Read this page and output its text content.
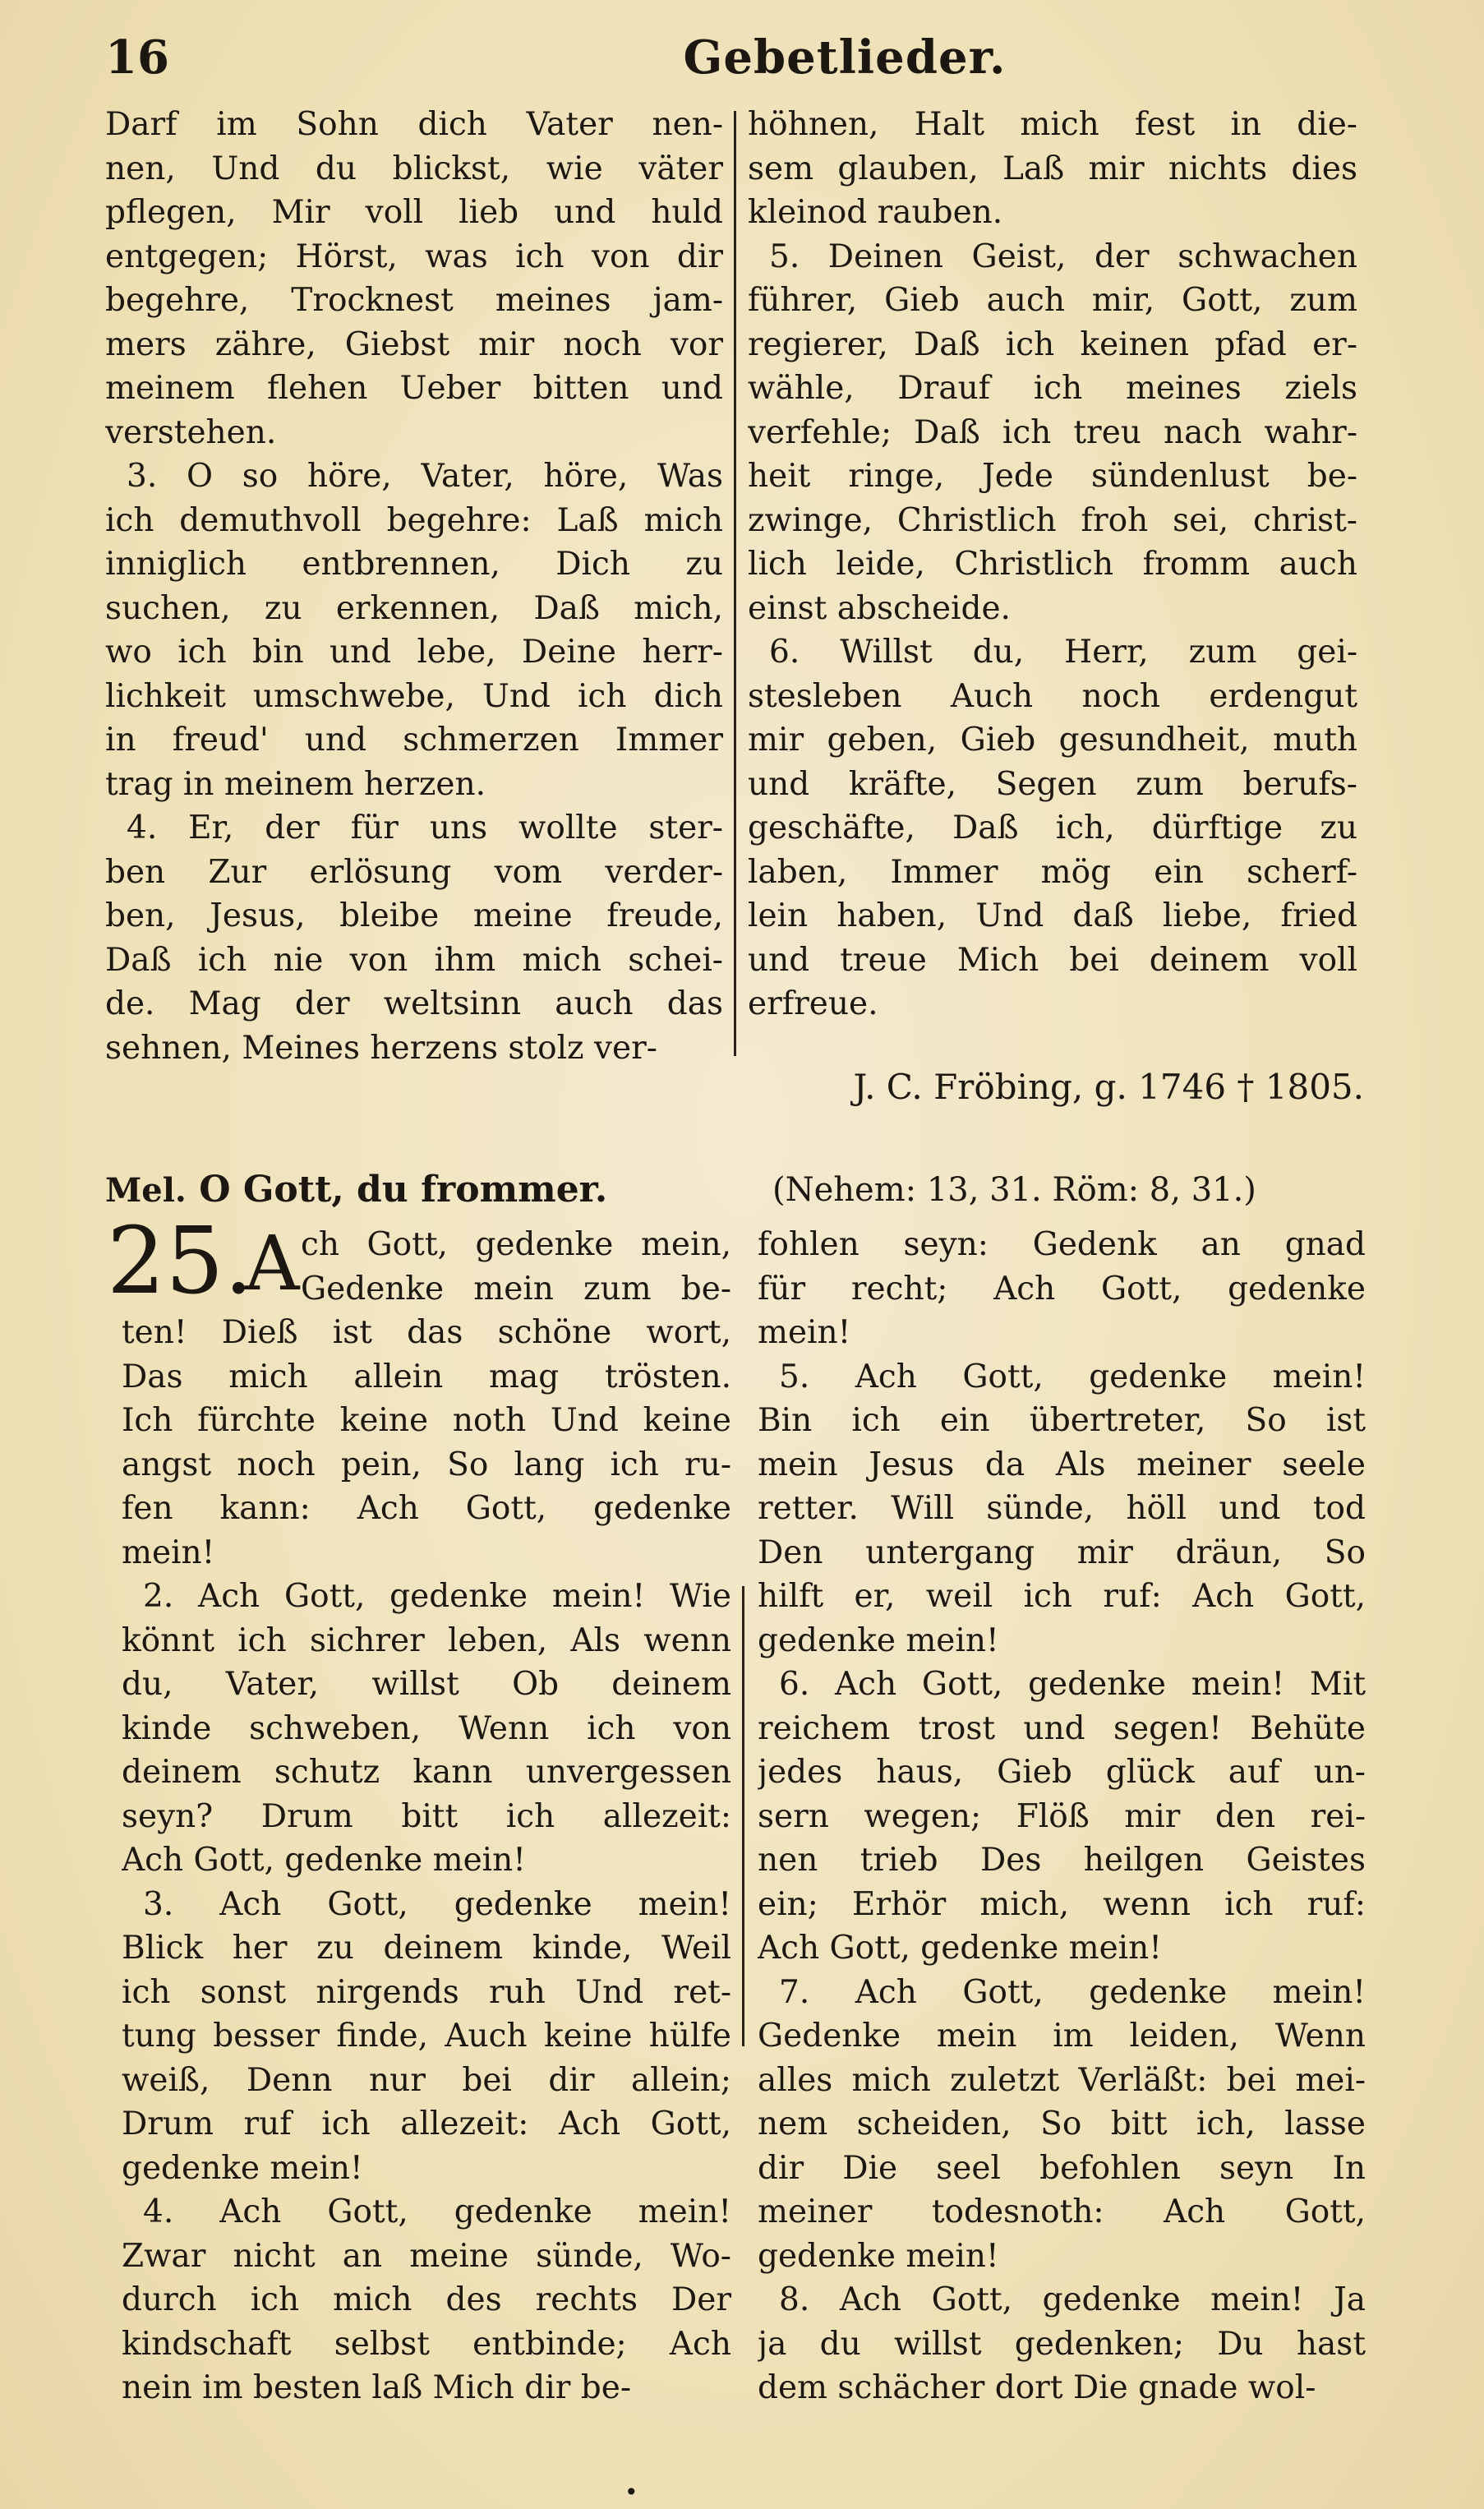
16	Gebetlieder.
Darf im Sohn dich Vater nen-
nen, Und du blickst, wie väter
pflegen, Mir voll lieb und huld
entgegen; Hörst, was ich von dir
begehre, Trocknest meines jam-
mers zähre, Giebst mir noch vor
meinem flehen Ueber bitten und
verstehen.
3. O so höre, Vater, höre, Was
ich demuthvoll begehre: Laß mich
inniglich entbrennen, Dich zu
suchen, zu erkennen, Daß mich,
wo ich bin und lebe, Deine herr-
lichkeit umschwebe, Und ich dich
in freud' und schmerzen Immer
trag in meinem herzen.
4. Er, der für uns wollte ster-
ben Zur erlösung vom verder-
ben, Jesus, bleibe meine freude,
Daß ich nie von ihm mich schei-
de. Mag der weltsinn auch das
sehnen, Meines herzens stolz ver-
höhnen, Halt mich fest in die-
sem glauben, Laß mir nichts dies
kleinod rauben.
5. Deinen Geist, der schwachen
führer, Gieb auch mir, Gott, zum
regierer, Daß ich keinen pfad er-
wähle, Drauf ich meines ziels
verfehle; Daß ich treu nach wahr-
heit ringe, Jede sündenlust be-
zwinge, Christlich froh sei, christ-
lich leide, Christlich fromm auch
einst abscheide.
6. Willst du, Herr, zum gei-
stesleben Auch noch erdengut
mir geben, Gieb gesundheit, muth
und kräfte, Segen zum berufs-
geschäfte, Daß ich, dürftige zu
laben, Immer mög ein scherf-
lein haben, Und daß liebe, fried
und treue Mich bei deinem voll
erfreue.
J. C. Fröbing, g. 1746 † 1805.
Mel. O Gott, du frommer.	(Nehem: 13, 31. Röm: 8, 31.)
25.
A ch Gott, gedenke mein,
Gedenke mein zum be-
ten! Dieß ist das schöne wort,
Das mich allein mag trösten.
Ich fürchte keine noth Und keine
angst noch pein, So lang ich ru-
fen kann: Ach Gott, gedenke
mein!
2. Ach Gott, gedenke mein! Wie
könnt ich sichrer leben, Als wenn
du, Vater, willst Ob deinem
kinde schweben, Wenn ich von
deinem schutz kann unvergessen
seyn? Drum bitt ich allezeit:
Ach Gott, gedenke mein!
3. Ach Gott, gedenke mein!
Blick her zu deinem kinde, Weil
ich sonst nirgends ruh Und ret-
tung besser finde, Auch keine hülfe
weiß, Denn nur bei dir allein;
Drum ruf ich allezeit: Ach Gott,
gedenke mein!
4. Ach Gott, gedenke mein!
Zwar nicht an meine sünde, Wo-
durch ich mich des rechts Der
kindschaft selbst entbinde; Ach
nein im besten laß Mich dir be-
fohlen seyn: Gedenk an gnad
für recht; Ach Gott, gedenke
mein!
5. Ach Gott, gedenke mein!
Bin ich ein übertreter, So ist
mein Jesus da Als meiner seele
retter. Will sünde, höll und tod
Den untergang mir dräun, So
hilft er, weil ich ruf: Ach Gott,
gedenke mein!
6. Ach Gott, gedenke mein! Mit
reichem trost und segen! Behüte
jedes haus, Gieb glück auf un-
sern wegen; Flöß mir den rei-
nen trieb Des heilgen Geistes
ein; Erhör mich, wenn ich ruf:
Ach Gott, gedenke mein!
7. Ach Gott, gedenke mein!
Gedenke mein im leiden, Wenn
alles mich zuletzt Verläßt: bei mei-
nem scheiden, So bitt ich, lasse
dir Die seel befohlen seyn In
meiner todesnoth: Ach Gott,
gedenke mein!
8. Ach Gott, gedenke mein! Ja
ja du willst gedenken; Du hast
dem schächer dort Die gnade wol-
•
